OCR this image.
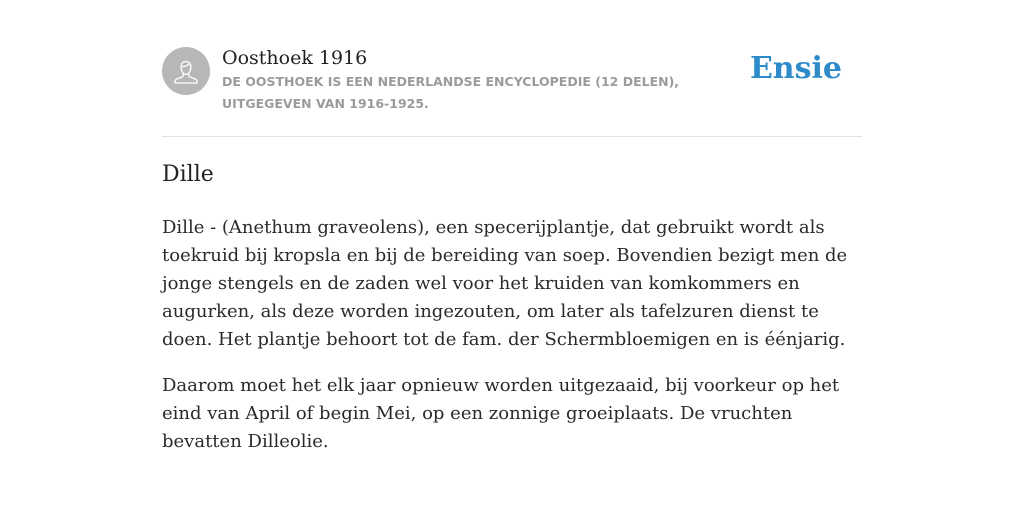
Oosthoek 1916

DE OOSTHOEK IS EEN NEDERLANDSE ENCYCLOPEDIE (12 DELEN), UITGEGEVEN VAN 1916-1925.

Ensie
Dille

Dille - (Anethum graveolens), een specerijplantje, dat gebruikt wordt als toekruid bij kropsla en bij de bereiding van soep. Bovendien bezigt men de jonge stengels en de zaden wel voor het kruiden van komkommers en augurken, als deze worden ingezouten, om later als tafelzuren dienst te doen. Het plantje behoort tot de fam. der Schermbloemigen en is éénjarig.

Daarom moet het elk jaar opnieuw worden uitgezaaid, bij voorkeur op het eind van April of begin Mei, op een zonnige groeiplaats. De vruchten bevatten Dilleolie.
